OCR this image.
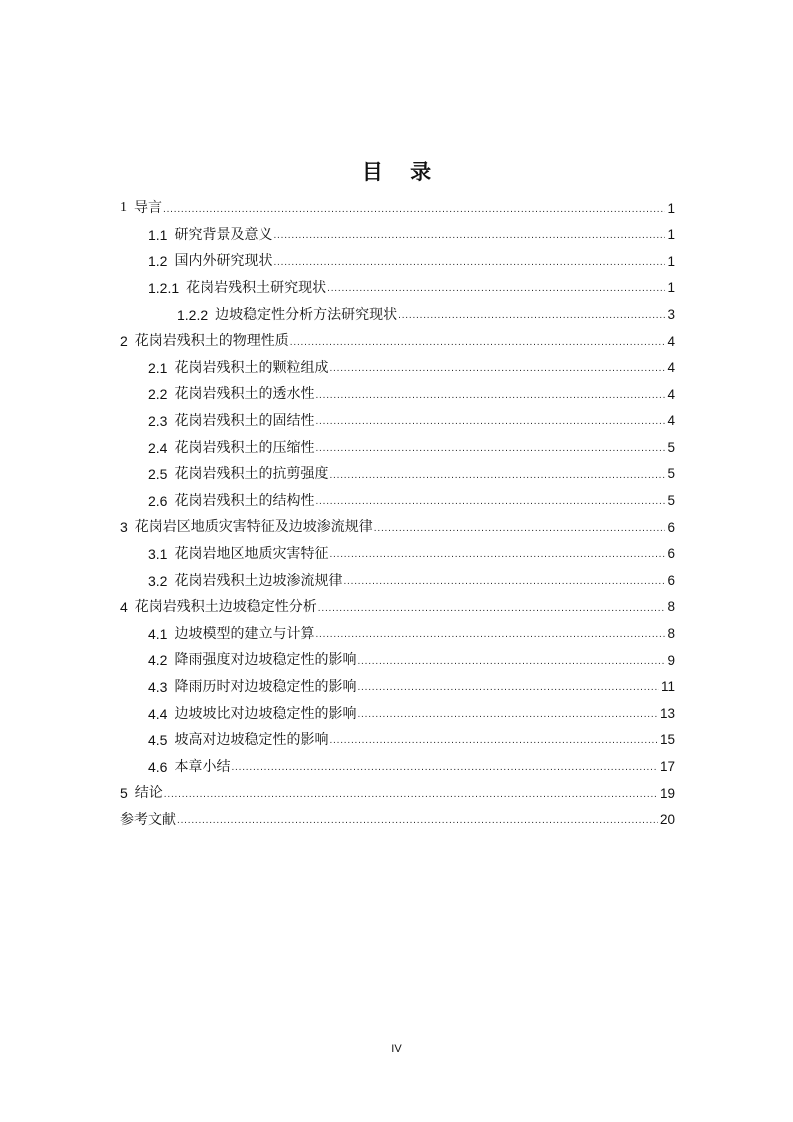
目 录
1 导言 .....	1
1.1 研究背景及意义 .....	1
1.2 国内外研究现状 .....	1
1.2.1 花岗岩残积土研究现状 .....	1
1.2.2 边坡稳定性分析方法研究现状 .....	3
2 花岗岩残积土的物理性质 .....	4
2.1 花岗岩残积土的颗粒组成 .....	4
2.2 花岗岩残积土的透水性 .....	4
2.3 花岗岩残积土的固结性 .....	4
2.4 花岗岩残积土的压缩性 .....	5
2.5 花岗岩残积土的抗剪强度 .....	5
2.6 花岗岩残积土的结构性 .....	5
3 花岗岩区地质灾害特征及边坡渗流规律 .....	6
3.1 花岗岩地区地质灾害特征 .....	6
3.2 花岗岩残积土边坡渗流规律 .....	6
4 花岗岩残积土边坡稳定性分析 .....	8
4.1 边坡模型的建立与计算 .....	8
4.2 降雨强度对边坡稳定性的影响 .....	9
4.3 降雨历时对边坡稳定性的影响 .....	11
4.4 边坡坡比对边坡稳定性的影响 .....	13
4.5 坡高对边坡稳定性的影响 .....	15
4.6 本章小结 .....	17
5 结论 .....	19
参考文献 .....	20
IV
